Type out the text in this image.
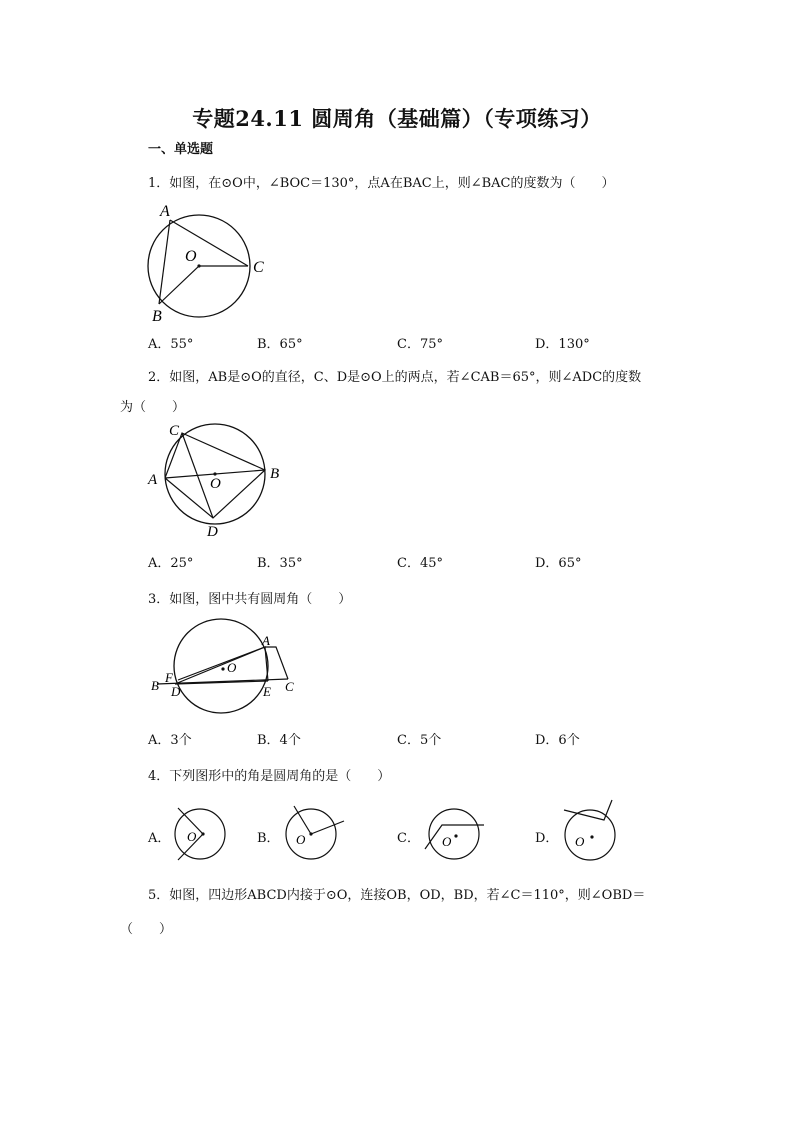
专题24.11 圆周角（基础篇）（专项练习）
一、单选题
1．如图，在⊙O中，∠BOC＝130°，点A在BAC上，则∠BAC的度数为（　　）
A
B
C
O
A．55°	B．65°	C．75°	D．130°
2．如图，AB是⊙O的直径，C、D是⊙O上的两点，若∠CAB＝65°，则∠ADC的度数
为（　　）
C
A	B
D
O
A．25°	B．35°	C．45°	D．65°
3．如图，图中共有圆周角（　　）
A
B	C
D	E
F
O
A．3个	B．4个	C．5个	D．6个
4．下列图形中的角是圆周角的是（　　）
A． O	B． O	C． O	D． O
5．如图，四边形ABCD内接于⊙O，连接OB，OD，BD，若∠C＝110°，则∠OBD＝
（　　）
